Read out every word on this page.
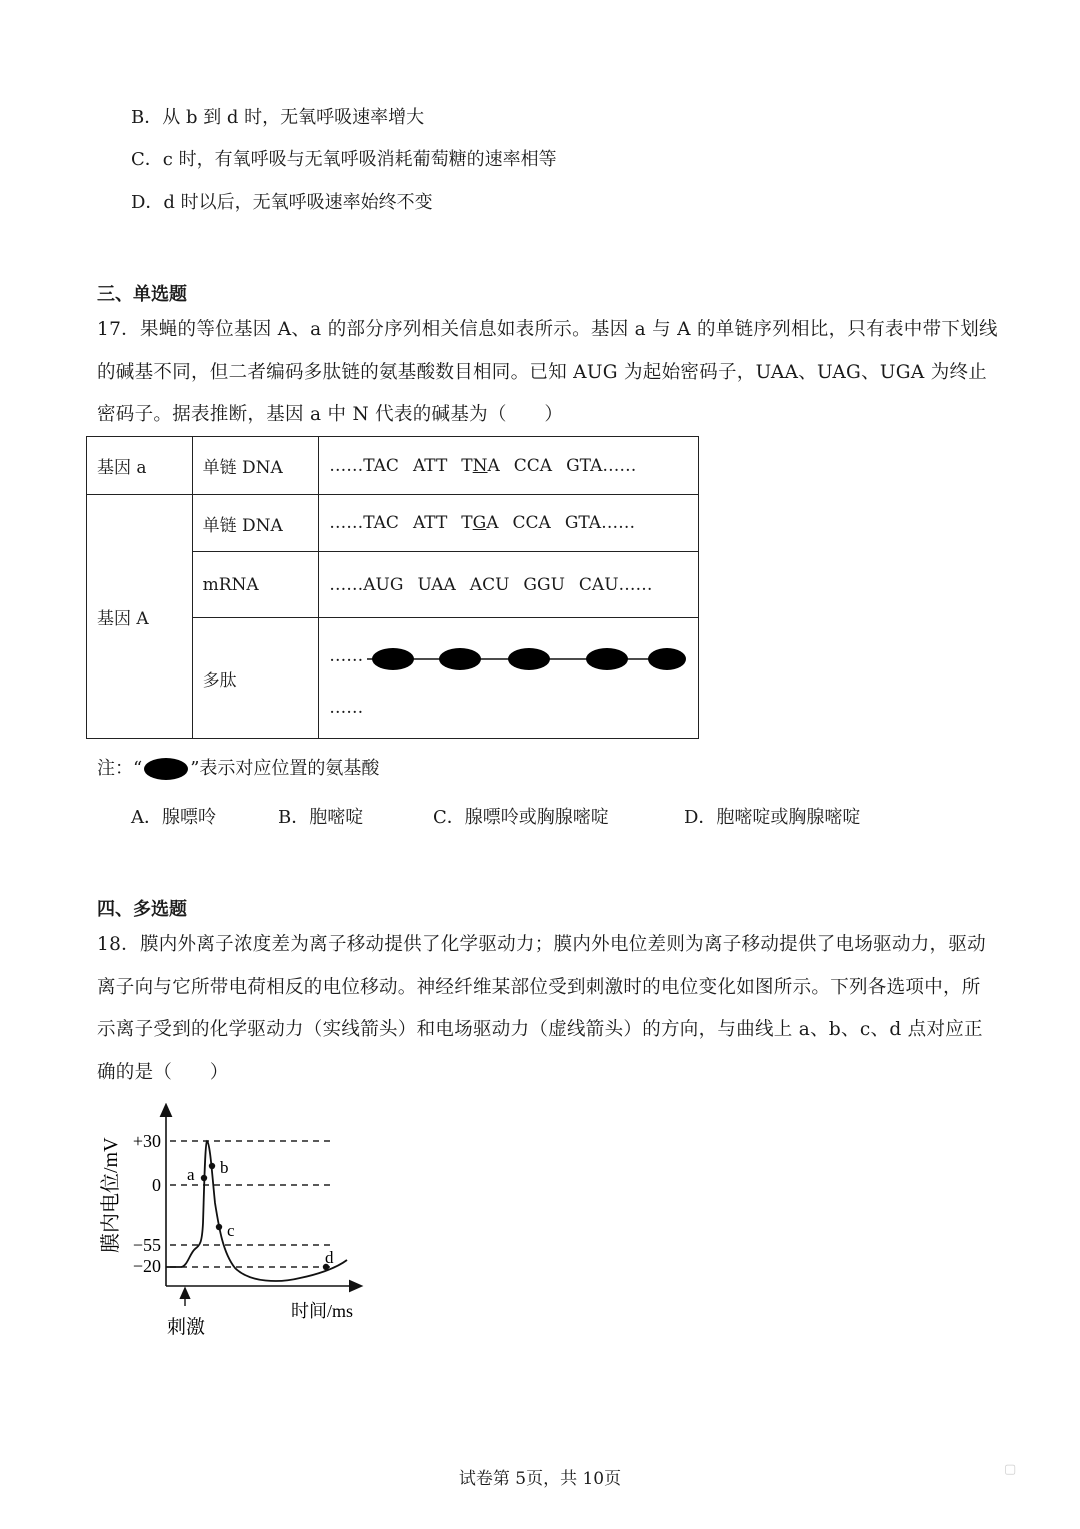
B．从 b 到 d 时，无氧呼吸速率增大
C．c 时，有氧呼吸与无氧呼吸消耗葡萄糖的速率相等
D．d 时以后，无氧呼吸速率始终不变
三、单选题
17．果蝇的等位基因 A、a 的部分序列相关信息如表所示。基因 a 与 A 的单链序列相比，只有表中带下划线
的碱基不同，但二者编码多肽链的氨基酸数目相同。已知 AUG 为起始密码子，UAA、UAG、UGA 为终止
密码子。据表推断，基因 a 中 N 代表的碱基为（　　）
基因 a	单链 DNA	……TAC ATT TNA CCA GTA……
基因 A	单链 DNA	……TAC ATT TGA CCA GTA……
	mRNA	……AUG UAA ACU GGU CAU……
	多肽	……
……
注：“	”表示对应位置的氨基酸
A．腺嘌呤	B．胞嘧啶	C．腺嘌呤或胸腺嘧啶	D．胞嘧啶或胸腺嘧啶
四、多选题
18．膜内外离子浓度差为离子移动提供了化学驱动力；膜内外电位差则为离子移动提供了电场驱动力，驱动
离子向与它所带电荷相反的电位移动。神经纤维某部位受到刺激时的电位变化如图所示。下列各选项中，所
示离子受到的化学驱动力（实线箭头）和电场驱动力（虚线箭头）的方向，与曲线上 a、b、c、d 点对应正
确的是（　　）
+30
0
−55
−20
膜内电位/mV
时间/ms
a b
c
d
刺激
试卷第 5页，共 10页	▢
